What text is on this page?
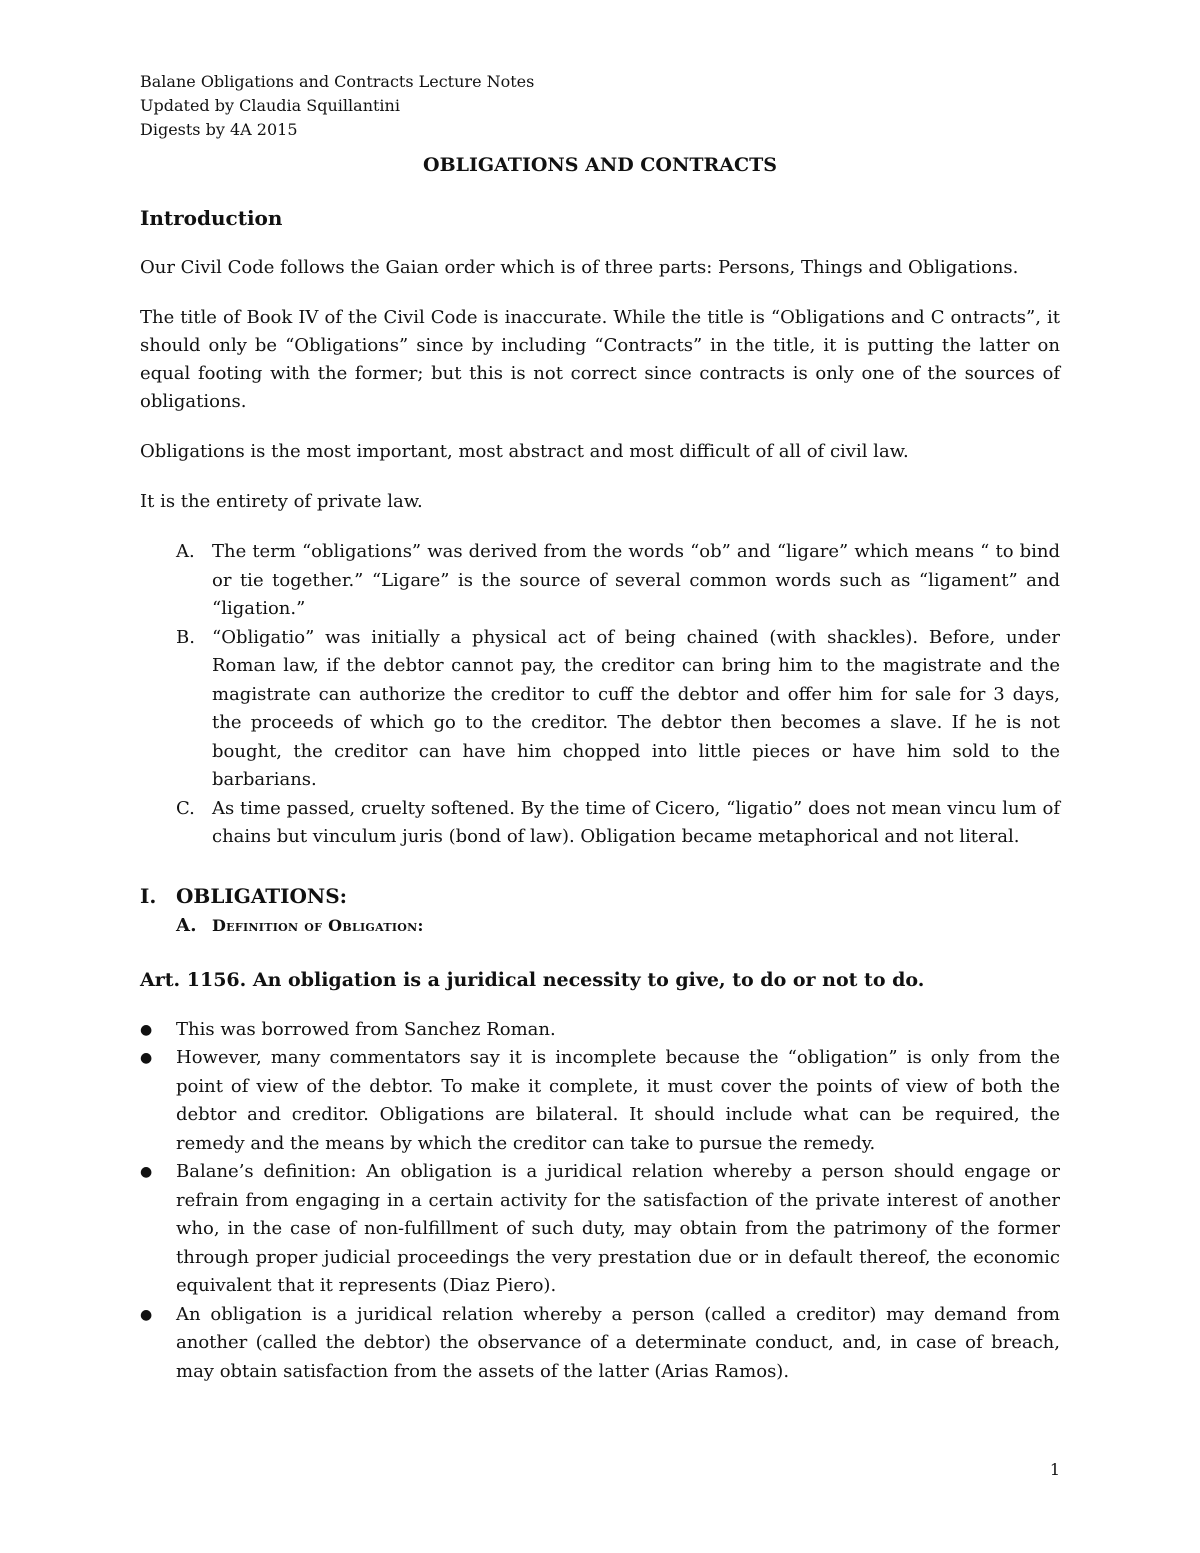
Balane Obligations and Contracts Lecture Notes

Updated by Claudia Squillantini

Digests by 4A 2015

OBLIGATIONS AND CONTRACTS
Introduction

Our Civil Code follows the Gaian order which is of three parts: Persons, Things and Obligations.

The title of Book IV of the Civil Code is inaccurate. While the title is “Obligations and C ontracts”, it should only be “Obligations” since by including “Contracts” in the title, it is putting the latter on equal footing with the former; but this is not correct since contracts is only one of the sources of obligations.

Obligations is the most important, most abstract and most difficult of all of civil law.

It is the entirety of private law.

A. The term “obligations” was derived from the words “ob” and “ligare” which means “ to bind or tie together.” “Ligare” is the source of several common words such as “ligament” and “ligation.”
B. “Obligatio” was initially a physical act of being chained (with shackles). Before, under Roman law, if the debtor cannot pay, the creditor can bring him to the magistrate and the magistrate can authorize the creditor to cuff the debtor and offer him for sale for 3 days, the proceeds of which go to the creditor. The debtor then becomes a slave. If he is not bought, the creditor can have him chopped into little pieces or have him sold to the barbarians.
C. As time passed, cruelty softened. By the time of Cicero, “ligatio” does not mean vincu lum of chains but vinculum juris (bond of law). Obligation became metaphorical and not literal.
I. OBLIGATIONS:
A. Definition of Obligation:
Art. 1156. An obligation is a juridical necessity to give, to do or not to do.
●	This was borrowed from Sanchez Roman.
●	However, many commentators say it is incomplete because the “obligation” is only from the point of view of the debtor. To make it complete, it must cover the points of view of both the debtor and creditor. Obligations are bilateral. It should include what can be required, the remedy and the means by which the creditor can take to pursue the remedy.
●	Balane’s definition: An obligation is a juridical relation whereby a person should engage or refrain from engaging in a certain activity for the satisfaction of the private interest of another who, in the case of non-fulfillment of such duty, may obtain from the patrimony of the former through proper judicial proceedings the very prestation due or in default thereof, the economic equivalent that it represents (Diaz Piero).
●	An obligation is a juridical relation whereby a person (called a creditor) may demand from another (called the debtor) the observance of a determinate conduct, and, in case of breach, may obtain satisfaction from the assets of the latter (Arias Ramos).
1
